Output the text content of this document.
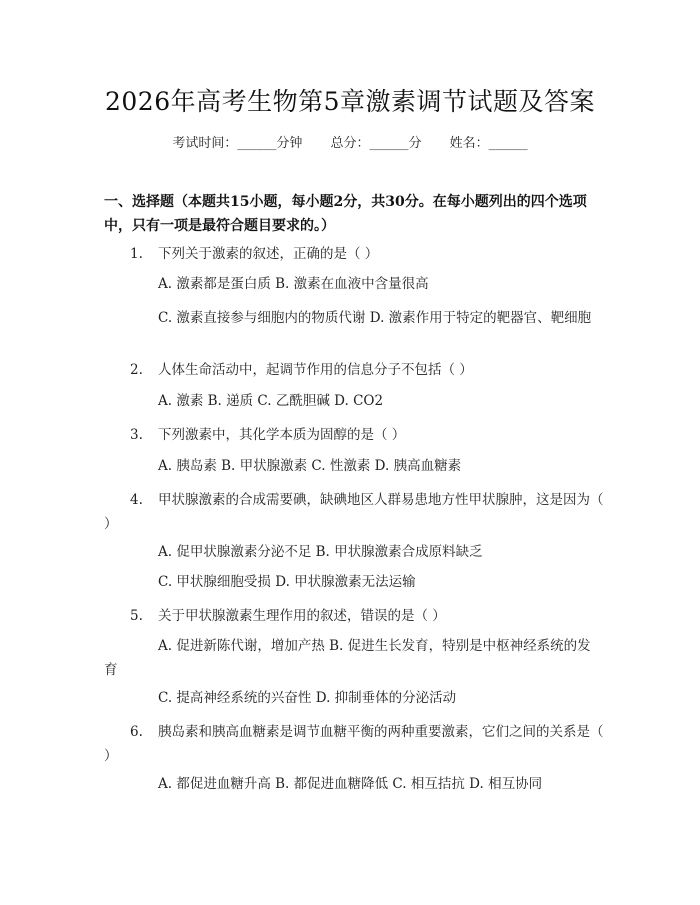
2026年高考生物第5章激素调节试题及答案
考试时间：______分钟 总分：______分 姓名：______
一、选择题（本题共15小题，每小题2分，共30分。在每小题列出的四个选项中，只有一项是最符合题目要求的。）
1. 下列关于激素的叙述，正确的是（ ）
A. 激素都是蛋白质 B. 激素在血液中含量很高
C. 激素直接参与细胞内的物质代谢 D. 激素作用于特定的靶器官、靶细胞
2. 人体生命活动中，起调节作用的信息分子不包括（ ）
A. 激素 B. 递质 C. 乙酰胆碱 D. CO2
3. 下列激素中，其化学本质为固醇的是（ ）
A. 胰岛素 B. 甲状腺激素 C. 性激素 D. 胰高血糖素
4. 甲状腺激素的合成需要碘，缺碘地区人群易患地方性甲状腺肿，这是因为（ ）
A. 促甲状腺激素分泌不足 B. 甲状腺激素合成原料缺乏
C. 甲状腺细胞受损 D. 甲状腺激素无法运输
5. 关于甲状腺激素生理作用的叙述，错误的是（ ）
A. 促进新陈代谢，增加产热 B. 促进生长发育，特别是中枢神经系统的发育
C. 提高神经系统的兴奋性 D. 抑制垂体的分泌活动
6. 胰岛素和胰高血糖素是调节血糖平衡的两种重要激素，它们之间的关系是（ ）
A. 都促进血糖升高 B. 都促进血糖降低 C. 相互拮抗 D. 相互协同
